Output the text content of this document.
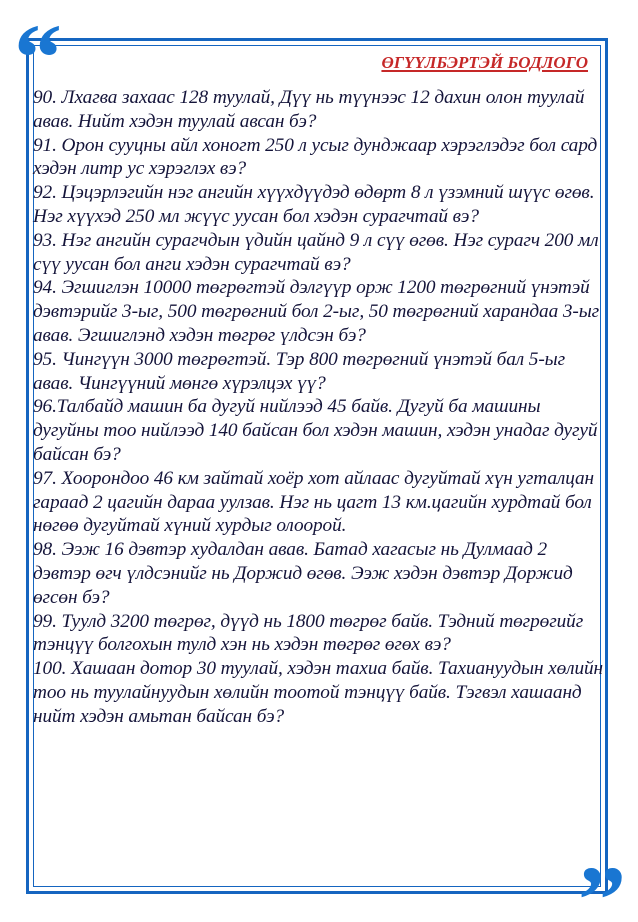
“
”
ӨГҮҮЛБЭРТЭЙ БОДЛОГО

90. Лхагва захаас 128 туулай, Дүү нь түүнээс 12 дахин олон туулай авав. Нийт хэдэн туулай авсан бэ?

91. Орон сууцны айл хоногт 250 л усыг дунджаар хэрэглэдэг бол сард хэдэн литр ус хэрэглэх вэ?

92. Цэцэрлэгийн нэг ангийн хүүхдүүдэд өдөрт 8 л үзэмний шүүс өгөв. Нэг хүүхэд 250 мл жүүс уусан бол хэдэн сурагчтай вэ?

93. Нэг ангийн сурагчдын үдийн цайнд 9 л сүү өгөв. Нэг сурагч 200 мл сүү уусан бол анги хэдэн сурагчтай вэ?

94. Эгшиглэн 10000 төгрөгтэй дэлгүүр орж 1200 төгрөгний үнэтэй дэвтэрийг 3-ыг, 500 төгрөгний бол 2-ыг, 50 төгрөгний харандаа 3-ыг авав. Эгшиглэнд хэдэн төгрөг үлдсэн бэ?

95. Чингүүн 3000 төгрөгтэй. Тэр 800 төгрөгний үнэтэй бал 5-ыг авав. Чингүүний мөнгө хүрэлцэх үү?

96.Талбайд машин ба дугуй нийлээд 45 байв. Дугуй ба машины дугуйны тоо нийлээд 140 байсан бол хэдэн машин, хэдэн унадаг дугуй байсан бэ?

97. Хоорондоо 46 км зайтай хоёр хот айлаас дугуйтай хүн угталцан гараад 2 цагийн дараа уулзав. Нэг нь цагт 13 км.цагийн хурдтай бол нөгөө дугуйтай хүний хурдыг олоорой.

98. Ээж 16 дэвтэр худалдан авав. Батад хагасыг нь Дулмаад 2 дэвтэр өгч үлдсэнийг нь Доржид өгөв. Ээж хэдэн дэвтэр Доржид өгсөн бэ?

99. Туулд 3200 төгрөг, дүүд нь 1800 төгрөг байв. Тэдний төгрөгийг тэнцүү болгохын тулд хэн нь хэдэн төгрөг өгөх вэ?

100. Хашаан дотор 30 туулай, хэдэн тахиа байв. Тахиануудын хөлийн тоо нь туулайнуудын хөлийн тоотой тэнцүү байв. Тэгвэл хашаанд нийт хэдэн амьтан байсан бэ?
